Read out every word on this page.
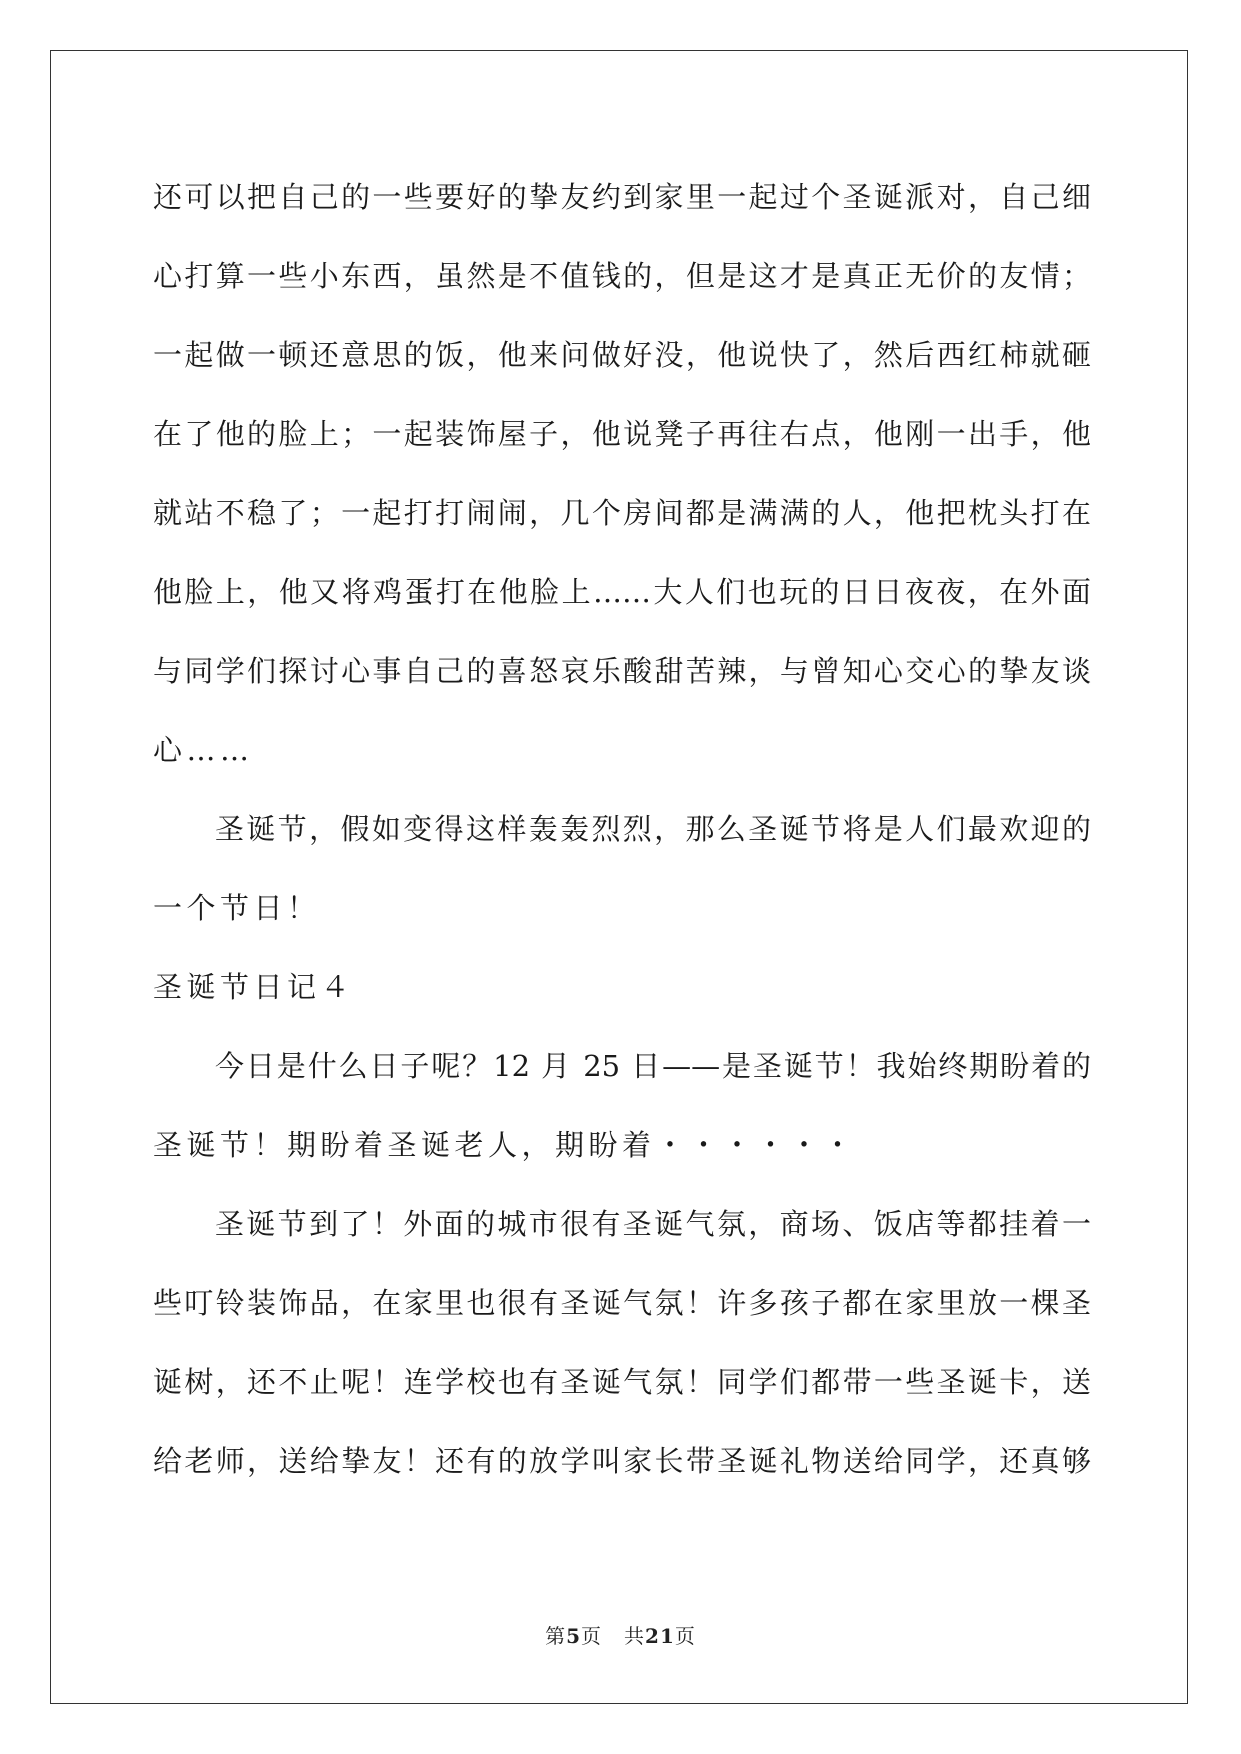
还可以把自己的一些要好的挚友约到家里一起过个圣诞派对，自己细

心打算一些小东西，虽然是不值钱的，但是这才是真正无价的友情；

一起做一顿还意思的饭，他来问做好没，他说快了，然后西红柿就砸

在了他的脸上；一起装饰屋子，他说凳子再往右点，他刚一出手，他

就站不稳了；一起打打闹闹，几个房间都是满满的人，他把枕头打在

他脸上，他又将鸡蛋打在他脸上……大人们也玩的日日夜夜，在外面

与同学们探讨心事自己的喜怒哀乐酸甜苦辣，与曾知心交心的挚友谈

心……

圣诞节，假如变得这样轰轰烈烈，那么圣诞节将是人们最欢迎的

一个节日！

圣诞节日记４

今日是什么日子呢？12 月 25 日——是圣诞节！我始终期盼着的

圣诞节！期盼着圣诞老人，期盼着・・・・・・

圣诞节到了！外面的城市很有圣诞气氛，商场、饭店等都挂着一

些叮铃装饰品，在家里也很有圣诞气氛！许多孩子都在家里放一棵圣

诞树，还不止呢！连学校也有圣诞气氛！同学们都带一些圣诞卡，送

给老师，送给挚友！还有的放学叫家长带圣诞礼物送给同学，还真够

第5页 共21页
